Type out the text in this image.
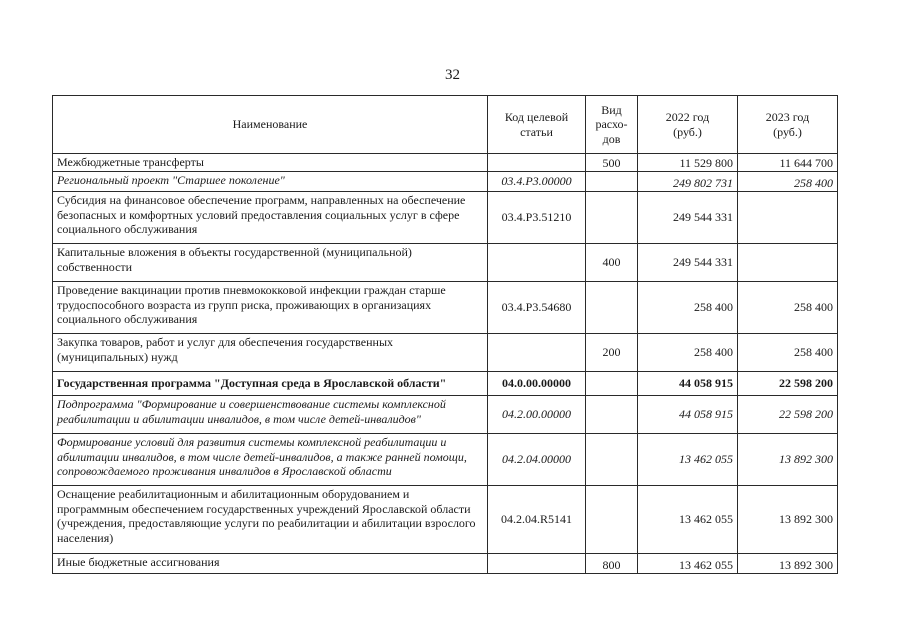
32
Наименование	Код целевой статьи	Вид расхо-дов	2022 год (руб.)	2023 год (руб.)
Межбюджетные трансферты		500	11 529 800	11 644 700
Региональный проект "Старшее поколение"	03.4.P3.00000		249 802 731	258 400
Субсидия на финансовое обеспечение программ, направленных на обеспечение безопасных и комфортных условий предоставления социальных услуг в сфере социального обслуживания	03.4.P3.51210		249 544 331	
Капитальные вложения в объекты государственной (муниципальной) собственности		400	249 544 331	
Проведение вакцинации против пневмококковой инфекции граждан старше трудоспособного возраста из групп риска, проживающих в организациях социального обслуживания	03.4.P3.54680		258 400	258 400
Закупка товаров, работ и услуг для обеспечения государственных (муниципальных) нужд		200	258 400	258 400
Государственная программа "Доступная среда в Ярославской области"	04.0.00.00000		44 058 915	22 598 200
Подпрограмма "Формирование и совершенствование системы комплексной реабилитации и абилитации инвалидов, в том числе детей-инвалидов"	04.2.00.00000		44 058 915	22 598 200
Формирование условий для развития системы комплексной реабилитации и абилитации инвалидов, в том числе детей-инвалидов, а также ранней помощи, сопровождаемого проживания инвалидов в Ярославской области	04.2.04.00000		13 462 055	13 892 300
Оснащение реабилитационным и абилитационным оборудованием и программным обеспечением государственных учреждений Ярославской области (учреждения, предоставляющие услуги по реабилитации и абилитации взрослого населения)	04.2.04.R5141		13 462 055	13 892 300
Иные бюджетные ассигнования		800	13 462 055	13 892 300
